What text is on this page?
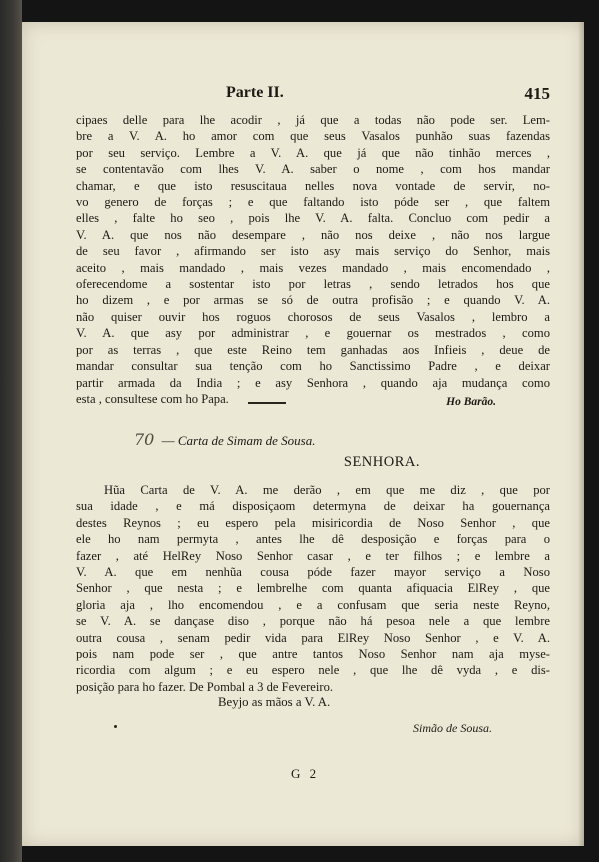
Parte II.	415
cipaes delle para lhe acodir , já que a todas não pode ser. Lem-
bre a V. A. ho amor com que seus Vasalos punhão suas fazendas
por seu serviço. Lembre a V. A. que já que não tinhão merces ,
se contentavão com lhes V. A. saber o nome , com hos mandar
chamar, e que isto resuscitaua nelles nova vontade de servir, no-
vo genero de forças ; e que faltando isto póde ser , que faltem
elles , falte ho seo , pois lhe V. A. falta. Concluo com pedir a
V. A. que nos não desempare , não nos deixe , não nos largue
de seu favor , afirmando ser isto asy mais serviço do Senhor, mais
aceito , mais mandado , mais vezes mandado , mais encomendado ,
oferecendome a sostentar isto por letras , sendo letrados hos que
ho dizem , e por armas se só de outra profisão ; e quando V. A.
não quiser ouvir hos roguos chorosos de seus Vasalos , lembro a
V. A. que asy por administrar , e gouernar os mestrados , como
por as terras , que este Reino tem ganhadas aos Infieis , deue de
mandar consultar sua tenção com ho Sanctissimo Padre , e deixar
partir armada da India ; e asy Senhora , quando aja mudança como
esta , consultese com ho Papa.	Ho Barão.
70 — Carta de Simam de Sousa.
SENHORA.
Hũa Carta de V. A. me derão , em que me diz , que por
sua idade , e má disposiçaom determyna de deixar ha gouernança
destes Reynos ; eu espero pela misiricordia de Noso Senhor , que
ele ho nam permyta , antes lhe dê desposição e forças para o
fazer , até HelRey Noso Senhor casar , e ter filhos ; e lembre a
V. A. que em nenhũa cousa póde fazer mayor serviço a Noso
Senhor , que nesta ; e lembrelhe com quanta afiquacia ElRey , que
gloria aja , lho encomendou , e a confusam que seria neste Reyno,
se V. A. se dançase diso , porque não há pesoa nele a que lembre
outra cousa , senam pedir vida para ElRey Noso Senhor , e V. A.
pois nam pode ser , que antre tantos Noso Senhor nam aja myse-
ricordia com algum ; e eu espero nele , que lhe dê vyda , e dis-
posição para ho fazer. De Pombal a 3 de Fevereiro.
Beyjo as mãos a V. A.
Simão de Sousa.
G 2
